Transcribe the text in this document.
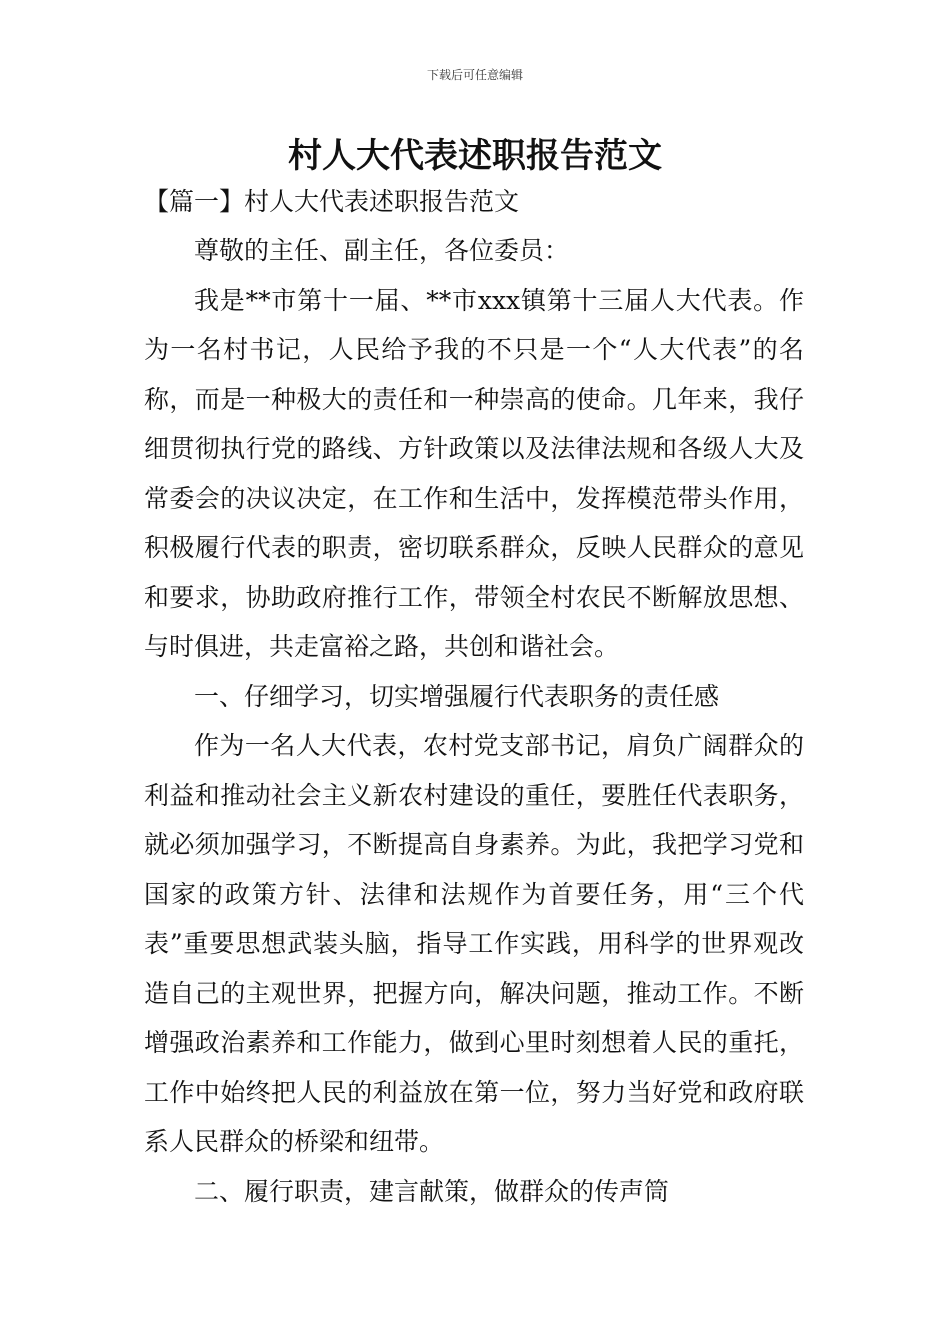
下载后可任意编辑
村人大代表述职报告范文
【篇一】村人大代表述职报告范文

尊敬的主任、副主任，各位委员：

我是**市第十一届、**市xxx镇第十三届人大代表。作为一名村书记，人民给予我的不只是一个“人大代表”的名称，而是一种极大的责任和一种崇高的使命。几年来，我仔细贯彻执行党的路线、方针政策以及法律法规和各级人大及常委会的决议决定，在工作和生活中，发挥模范带头作用，积极履行代表的职责，密切联系群众，反映人民群众的意见和要求，协助政府推行工作，带领全村农民不断解放思想、与时俱进，共走富裕之路，共创和谐社会。

一、仔细学习，切实增强履行代表职务的责任感

作为一名人大代表，农村党支部书记，肩负广阔群众的利益和推动社会主义新农村建设的重任，要胜任代表职务，就必须加强学习，不断提高自身素养。为此，我把学习党和国家的政策方针、法律和法规作为首要任务，用“三个代表”重要思想武装头脑，指导工作实践，用科学的世界观改造自己的主观世界，把握方向，解决问题，推动工作。不断增强政治素养和工作能力，做到心里时刻想着人民的重托，工作中始终把人民的利益放在第一位，努力当好党和政府联系人民群众的桥梁和纽带。

二、履行职责，建言献策，做群众的传声筒
